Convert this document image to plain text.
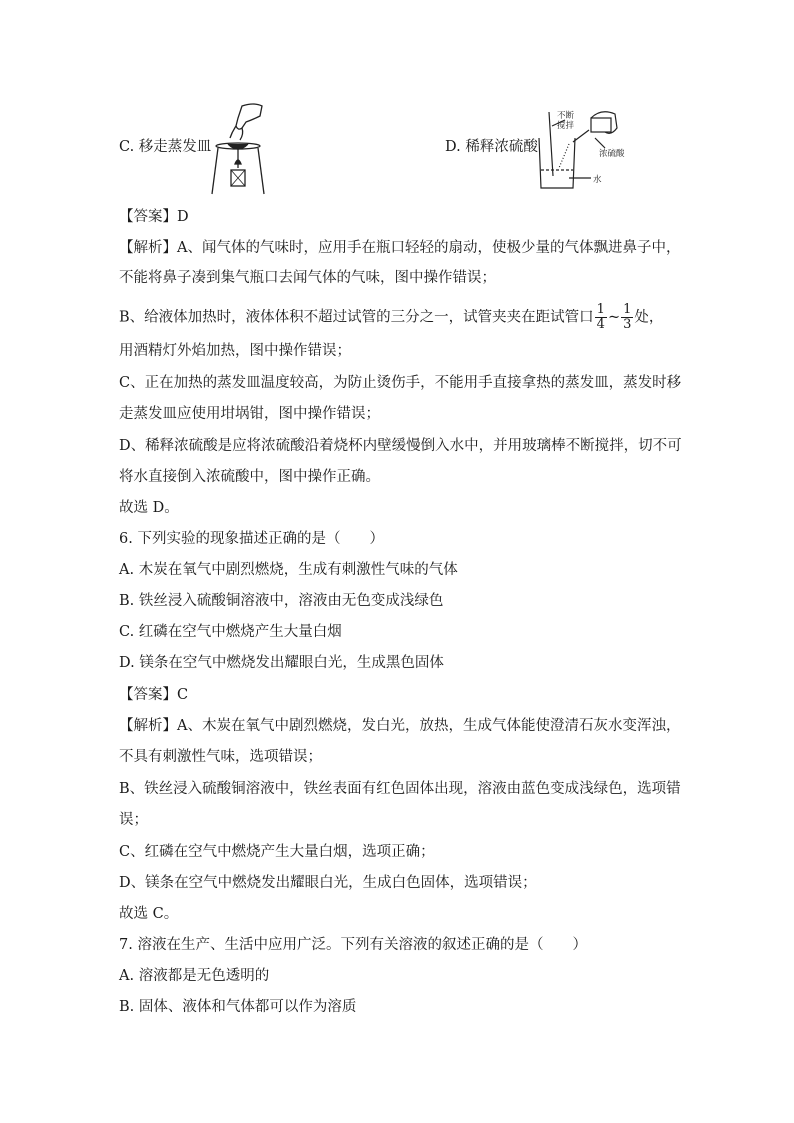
C. 移走蒸发皿	D. 稀释浓硫酸
不断
搅拌
浓硫酸
水
【答案】D
【解析】A、闻气体的气味时，应用手在瓶口轻轻的扇动，使极少量的气体飘进鼻子中，
不能将鼻子凑到集气瓶口去闻气体的气味，图中操作错误；
B、给液体加热时，液体体积不超过试管的三分之一，试管夹夹在距试管口 $\frac{1}{4}$ ~ $\frac{1}{3}$ 处，
用酒精灯外焰加热，图中操作错误；
C、正在加热的蒸发皿温度较高，为防止烫伤手，不能用手直接拿热的蒸发皿，蒸发时移
走蒸发皿应使用坩埚钳，图中操作错误；
D、稀释浓硫酸是应将浓硫酸沿着烧杯内壁缓慢倒入水中，并用玻璃棒不断搅拌，切不可
将水直接倒入浓硫酸中，图中操作正确。
故选 D。
6. 下列实验的现象描述正确的是（　　）
A. 木炭在氧气中剧烈燃烧，生成有刺激性气味的气体
B. 铁丝浸入硫酸铜溶液中，溶液由无色变成浅绿色
C. 红磷在空气中燃烧产生大量白烟
D. 镁条在空气中燃烧发出耀眼白光，生成黑色固体
【答案】C
【解析】A、木炭在氧气中剧烈燃烧，发白光，放热，生成气体能使澄清石灰水变浑浊，
不具有刺激性气味，选项错误；
B、铁丝浸入硫酸铜溶液中，铁丝表面有红色固体出现，溶液由蓝色变成浅绿色，选项错
误；
C、红磷在空气中燃烧产生大量白烟，选项正确；
D、镁条在空气中燃烧发出耀眼白光，生成白色固体，选项错误；
故选 C。
7. 溶液在生产、生活中应用广泛。下列有关溶液的叙述正确的是（　　）
A. 溶液都是无色透明的
B. 固体、液体和气体都可以作为溶质
